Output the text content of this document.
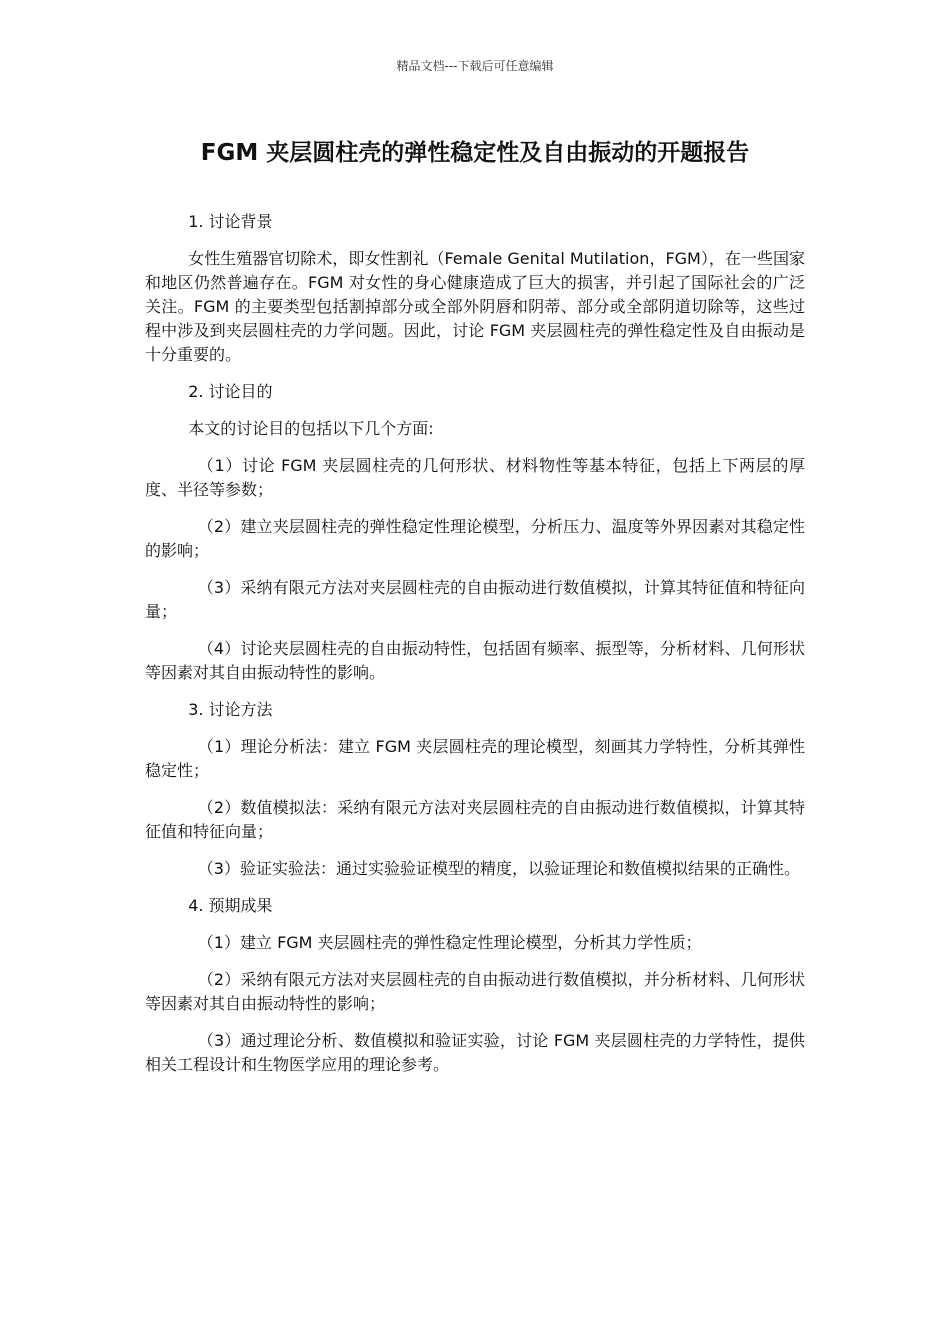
精品文档---下载后可任意编辑
FGM 夹层圆柱壳的弹性稳定性及自由振动的开题报告

1. 讨论背景

女性生殖器官切除术，即女性割礼（Female Genital Mutilation，FGM），在一些国家和地区仍然普遍存在。FGM 对女性的身心健康造成了巨大的损害，并引起了国际社会的广泛关注。FGM 的主要类型包括割掉部分或全部外阴唇和阴蒂、部分或全部阴道切除等，这些过程中涉及到夹层圆柱壳的力学问题。因此，讨论 FGM 夹层圆柱壳的弹性稳定性及自由振动是十分重要的。

2. 讨论目的

本文的讨论目的包括以下几个方面:

（1）讨论 FGM 夹层圆柱壳的几何形状、材料物性等基本特征，包括上下两层的厚度、半径等参数；

（2）建立夹层圆柱壳的弹性稳定性理论模型，分析压力、温度等外界因素对其稳定性的影响；

（3）采纳有限元方法对夹层圆柱壳的自由振动进行数值模拟，计算其特征值和特征向量；

（4）讨论夹层圆柱壳的自由振动特性，包括固有频率、振型等，分析材料、几何形状等因素对其自由振动特性的影响。

3. 讨论方法

（1）理论分析法：建立 FGM 夹层圆柱壳的理论模型，刻画其力学特性，分析其弹性稳定性；

（2）数值模拟法：采纳有限元方法对夹层圆柱壳的自由振动进行数值模拟，计算其特征值和特征向量；

（3）验证实验法：通过实验验证模型的精度，以验证理论和数值模拟结果的正确性。

4. 预期成果

（1）建立 FGM 夹层圆柱壳的弹性稳定性理论模型，分析其力学性质；

（2）采纳有限元方法对夹层圆柱壳的自由振动进行数值模拟，并分析材料、几何形状等因素对其自由振动特性的影响；

（3）通过理论分析、数值模拟和验证实验，讨论 FGM 夹层圆柱壳的力学特性，提供相关工程设计和生物医学应用的理论参考。
